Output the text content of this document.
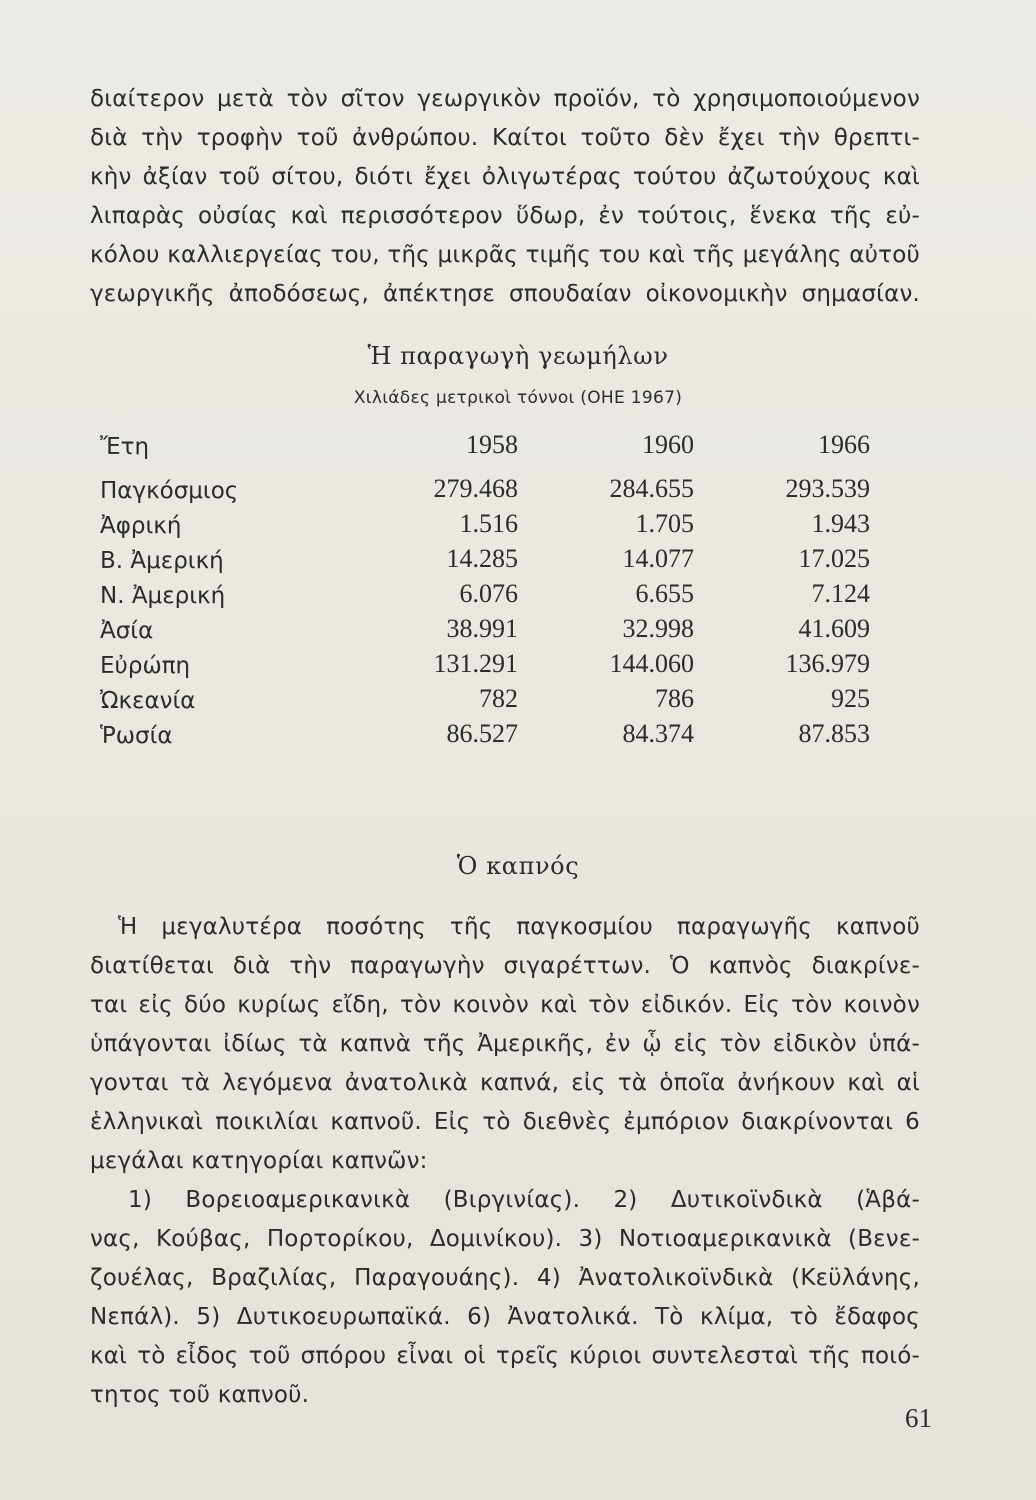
διαίτερον μετὰ τὸν σῖτον γεωργικὸν προϊόν, τὸ χρησιμοποιούμενον
διὰ τὴν τροφὴν τοῦ ἀνθρώπου. Καίτοι τοῦτο δὲν ἔχει τὴν θρεπτι-
κὴν ἀξίαν τοῦ σίτου, διότι ἔχει ὀλιγωτέρας τούτου ἀζωτούχους καὶ
λιπαρὰς οὐσίας καὶ περισσότερον ὕδωρ, ἐν τούτοις, ἕνεκα τῆς εὐ-
κόλου καλλιεργείας του, τῆς μικρᾶς τιμῆς του καὶ τῆς μεγάλης αὐτοῦ
γεωργικῆς ἀποδόσεως, ἀπέκτησε σπουδαίαν οἰκονομικὴν σημασίαν.
Ἡ παραγωγὴ γεωμήλων
Χιλιάδες μετρικοὶ τόννοι (ΟΗΕ 1967)
Ἔτη	1958	1960	1966
Παγκόσμιος	279.468	284.655	293.539
Ἀφρική	1.516	1.705	1.943
Β. Ἀμερική	14.285	14.077	17.025
Ν. Ἀμερική	6.076	6.655	7.124
Ἀσία	38.991	32.998	41.609
Εὐρώπη	131.291	144.060	136.979
Ὠκεανία	782	786	925
Ῥωσία	86.527	84.374	87.853
Ὁ καπνός
Ἡ μεγαλυτέρα ποσότης τῆς παγκοσμίου παραγωγῆς καπνοῦ
διατίθεται διὰ τὴν παραγωγὴν σιγαρέττων. Ὁ καπνὸς διακρίνε-
ται εἰς δύο κυρίως εἴδη, τὸν κοινὸν καὶ τὸν εἰδικόν. Εἰς τὸν κοινὸν
ὑπάγονται ἰδίως τὰ καπνὰ τῆς Ἀμερικῆς, ἐν ᾧ εἰς τὸν εἰδικὸν ὑπά-
γονται τὰ λεγόμενα ἀνατολικὰ καπνά, εἰς τὰ ὁποῖα ἀνήκουν καὶ αἱ
ἑλληνικαὶ ποικιλίαι καπνοῦ. Εἰς τὸ διεθνὲς ἐμπόριον διακρίνονται 6
μεγάλαι κατηγορίαι καπνῶν:
1) Βορειοαμερικανικὰ (Βιργινίας). 2) Δυτικοϊνδικὰ (Ἁβά-
νας, Κούβας, Πορτορίκου, Δομινίκου). 3) Νοτιοαμερικανικὰ (Βενε-
ζουέλας, Βραζιλίας, Παραγουάης). 4) Ἀνατολικοϊνδικὰ (Κεϋλάνης,
Νεπάλ). 5) Δυτικοευρωπαϊκά. 6) Ἀνατολικά. Τὸ κλίμα, τὸ ἔδαφος
καὶ τὸ εἶδος τοῦ σπόρου εἶναι οἱ τρεῖς κύριοι συντελεσταὶ τῆς ποιό-
τητος τοῦ καπνοῦ.
61
